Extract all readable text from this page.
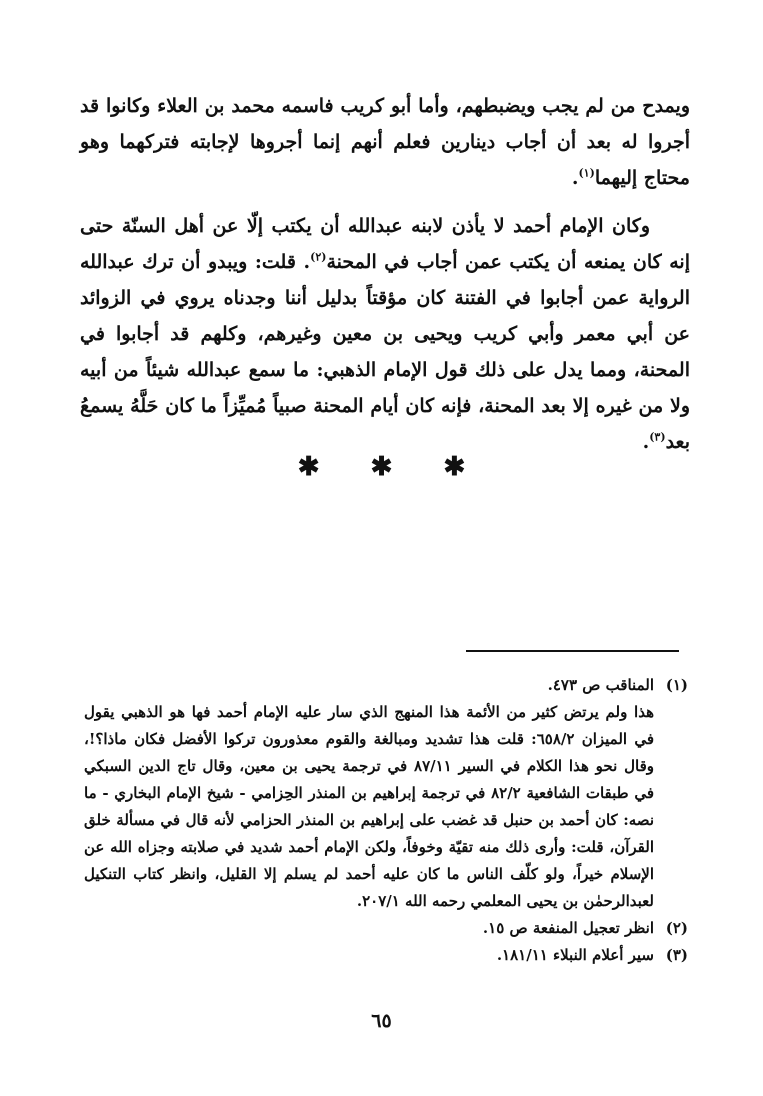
ويمدح من لم يجب ويضبطهم، وأما أبو كريب فاسمه محمد بن العلاء وكانوا قد أجروا له بعد أن أجاب دينارين فعلم أنهم إنما أجروها لإجابته فتركهما وهو محتاج إليهما$^{(١)}$.

وكان الإمام أحمد لا يأذن لابنه عبدالله أن يكتب إلّا عن أهل السنّة حتى إنه كان يمنعه أن يكتب عمن أجاب في المحنة$^{(٢)}$. قلت: ويبدو أن ترك عبدالله الرواية عمن أجابوا في الفتنة كان مؤقتاً بدليل أننا وجدناه يروي في الزوائد عن أبي معمر وأبي كريب ويحيى بن معين وغيرهم، وكلهم قد أجابوا في المحنة، ومما يدل على ذلك قول الإمام الذهبي: ما سمع عبدالله شيئاً من أبيه ولا من غيره إلا بعد المحنة، فإنه كان أيام المحنة صبياً مُميِّزاً ما كان حَلَّهُ يسمعُ بعد$^{(٣)}$.

✱ ✱ ✱
(١)
المناقب ص ٤٧٣.

هذا ولم يرتض كثير من الأئمة هذا المنهج الذي سار عليه الإمام أحمد فها هو الذهبي يقول في الميزان ٦٥٨/٢: قلت هذا تشديد ومبالغة والقوم معذورون تركوا الأفضل فكان ماذا؟!، وقال نحو هذا الكلام في السير ٨٧/١١ في ترجمة يحيى بن معين، وقال تاج الدين السبكي في طبقات الشافعية ٨٢/٢ في ترجمة إبراهيم بن المنذر الحِزامي - شيخ الإمام البخاري - ما نصه: كان أحمد بن حنبل قد غضب على إبراهيم بن المنذر الحزامي لأنه قال في مسألة خلق القرآن، قلت: وأرى ذلك منه تقيّة وخوفاً، ولكن الإمام أحمد شديد في صلابته وجزاه الله عن الإسلام خيراً، ولو كلّف الناس ما كان عليه أحمد لم يسلم إلا القليل، وانظر كتاب التنكيل لعبدالرحمٰن بن يحيى المعلمي رحمه الله ٢٠٧/١.

(٢)
انظر تعجيل المنفعة ص ١٥.
(٣)
سير أعلام النبلاء ١٨١/١١.
٦٥
